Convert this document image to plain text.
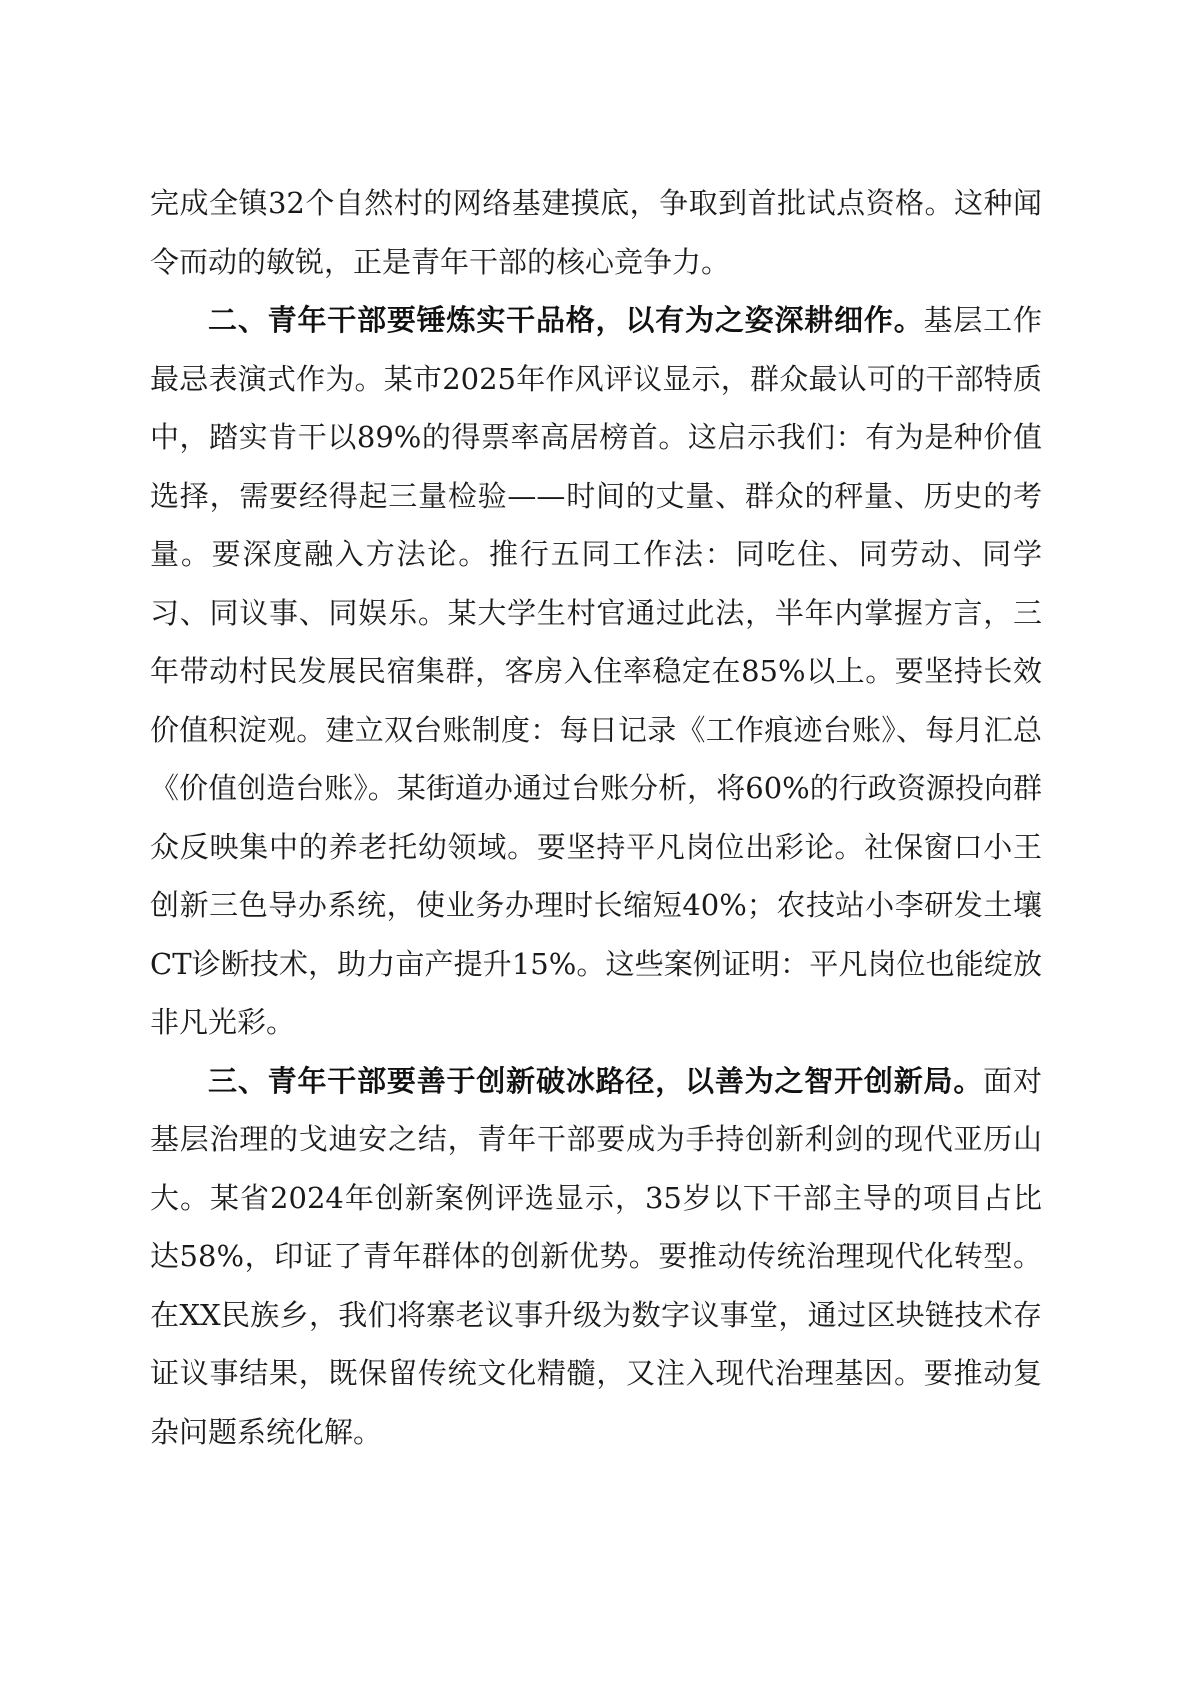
完成全镇32个自然村的网络基建摸底，争取到首批试点资格。这种闻令而动的敏锐，正是青年干部的核心竞争力。

二、青年干部要锤炼实干品格，以有为之姿深耕细作。基层工作最忌表演式作为。某市2025年作风评议显示，群众最认可的干部特质中，踏实肯干以89%的得票率高居榜首。这启示我们：有为是种价值选择，需要经得起三量检验——时间的丈量、群众的秤量、历史的考量。要深度融入方法论。推行五同工作法：同吃住、同劳动、同学习、同议事、同娱乐。某大学生村官通过此法，半年内掌握方言，三年带动村民发展民宿集群，客房入住率稳定在85%以上。要坚持长效价值积淀观。建立双台账制度：每日记录《工作痕迹台账》、每月汇总《价值创造台账》。某街道办通过台账分析，将60%的行政资源投向群众反映集中的养老托幼领域。要坚持平凡岗位出彩论。社保窗口小王创新三色导办系统，使业务办理时长缩短40%；农技站小李研发土壤CT诊断技术，助力亩产提升15%。这些案例证明：平凡岗位也能绽放非凡光彩。

三、青年干部要善于创新破冰路径，以善为之智开创新局。面对基层治理的戈迪安之结，青年干部要成为手持创新利剑的现代亚历山大。某省2024年创新案例评选显示，35岁以下干部主导的项目占比达58%，印证了青年群体的创新优势。要推动传统治理现代化转型。在XX民族乡，我们将寨老议事升级为数字议事堂，通过区块链技术存证议事结果，既保留传统文化精髓，又注入现代治理基因。要推动复杂问题系统化解。
